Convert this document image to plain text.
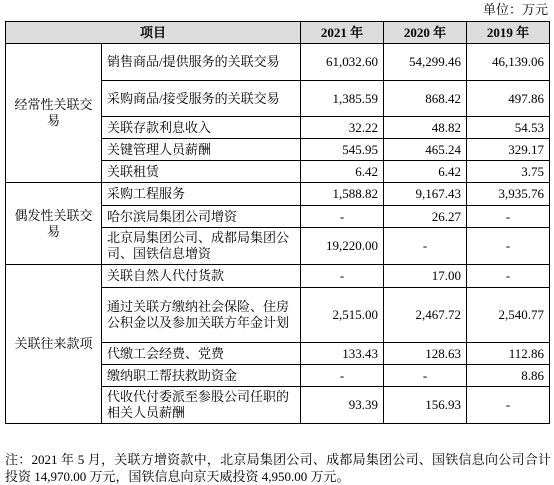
单位：万元
项目		2021 年	2020 年	2019 年
经常性关联交易	销售商品/提供服务的关联交易	61,032.60	54,299.46	46,139.06
	采购商品/接受服务的关联交易	1,385.59	868.42	497.86
	关联存款利息收入	32.22	48.82	54.53
	关键管理人员薪酬	545.95	465.24	329.17
	关联租赁	6.42	6.42	3.75
偶发性关联交易	采购工程服务	1,588.82	9,167.43	3,935.76
	哈尔滨局集团公司增资	-	26.27	-
	北京局集团公司、成都局集团公司、国铁信息增资	19,220.00	-	-
关联往来款项	关联自然人代付货款	-	17.00	-
	通过关联方缴纳社会保险、住房公积金以及参加关联方年金计划	2,515.00	2,467.72	2,540.77
	代缴工会经费、党费	133.43	128.63	112.86
	缴纳职工帮扶救助资金	-	-	8.86
	代收代付委派至参股公司任职的相关人员薪酬	93.39	156.93	-
注：2021 年 5 月，关联方增资款中，北京局集团公司、成都局集团公司、国铁信息向公司合计投资 14,970.00 万元，国铁信息向京天威投资 4,950.00 万元。
